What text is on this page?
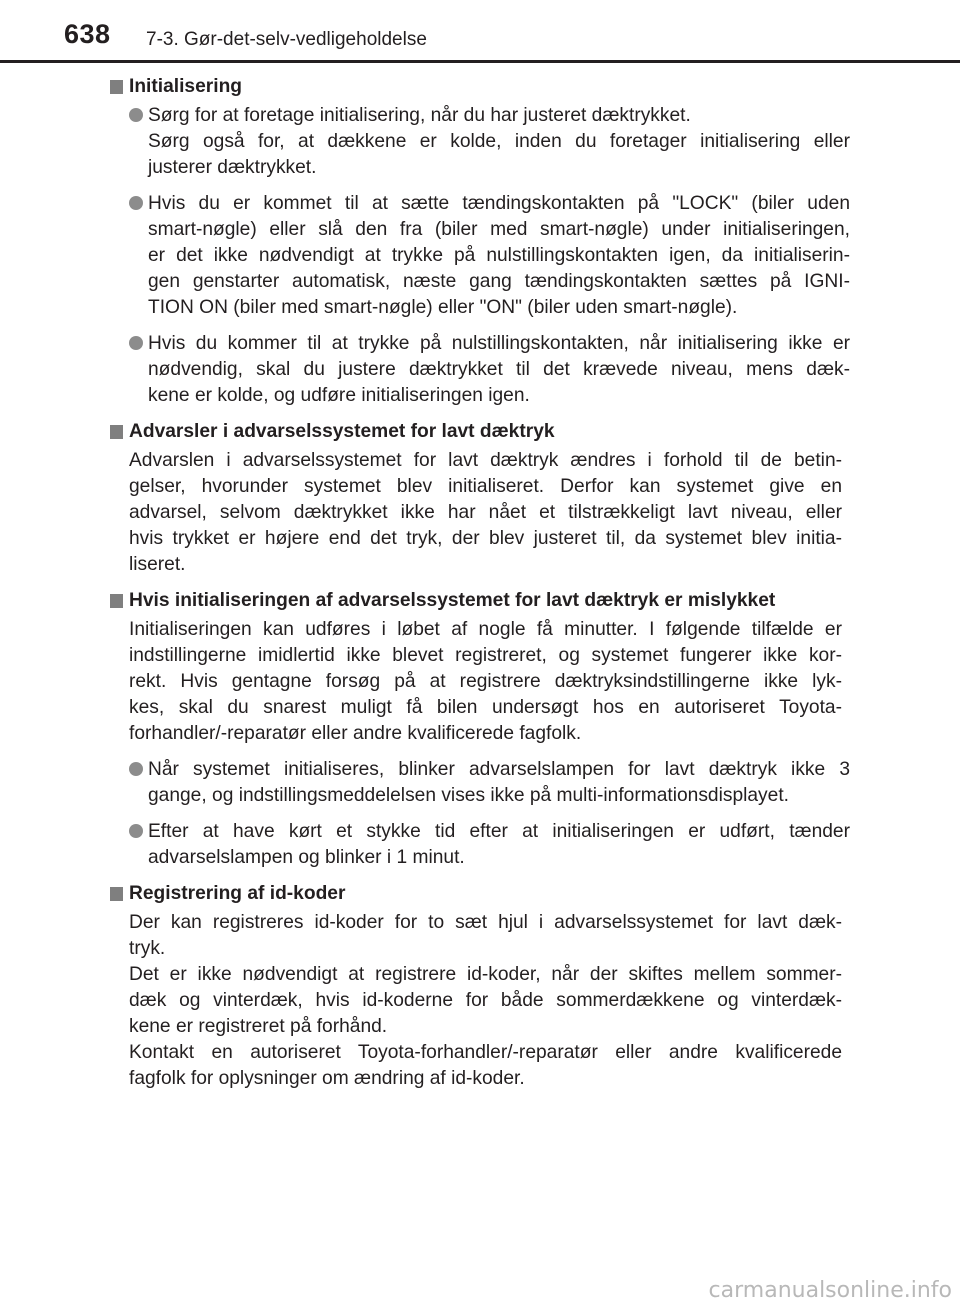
638 7-3. Gør-det-selv-vedligeholdelse
Initialisering
Sørg for at foretage initialisering, når du har justeret dæktrykket.
Sørg også for, at dækkene er kolde, inden du foretager initialisering eller
justerer dæktrykket.
Hvis du er kommet til at sætte tændingskontakten på "LOCK" (biler uden
smart-nøgle) eller slå den fra (biler med smart-nøgle) under initialiseringen,
er det ikke nødvendigt at trykke på nulstillingskontakten igen, da initialiserin-
gen genstarter automatisk, næste gang tændingskontakten sættes på IGNI-
TION ON (biler med smart-nøgle) eller "ON" (biler uden smart-nøgle).
Hvis du kommer til at trykke på nulstillingskontakten, når initialisering ikke er
nødvendig, skal du justere dæktrykket til det krævede niveau, mens dæk-
kene er kolde, og udføre initialiseringen igen.
Advarsler i advarselssystemet for lavt dæktryk
Advarslen i advarselssystemet for lavt dæktryk ændres i forhold til de betin-
gelser, hvorunder systemet blev initialiseret. Derfor kan systemet give en
advarsel, selvom dæktrykket ikke har nået et tilstrækkeligt lavt niveau, eller
hvis trykket er højere end det tryk, der blev justeret til, da systemet blev initia-
liseret.
Hvis initialiseringen af advarselssystemet for lavt dæktryk er mislykket
Initialiseringen kan udføres i løbet af nogle få minutter. I følgende tilfælde er
indstillingerne imidlertid ikke blevet registreret, og systemet fungerer ikke kor-
rekt. Hvis gentagne forsøg på at registrere dæktryksindstillingerne ikke lyk-
kes, skal du snarest muligt få bilen undersøgt hos en autoriseret Toyota-
forhandler/-reparatør eller andre kvalificerede fagfolk.
Når systemet initialiseres, blinker advarselslampen for lavt dæktryk ikke 3
gange, og indstillingsmeddelelsen vises ikke på multi-informationsdisplayet.
Efter at have kørt et stykke tid efter at initialiseringen er udført, tænder
advarselslampen og blinker i 1 minut.
Registrering af id-koder
Der kan registreres id-koder for to sæt hjul i advarselssystemet for lavt dæk-
tryk.
Det er ikke nødvendigt at registrere id-koder, når der skiftes mellem sommer-
dæk og vinterdæk, hvis id-koderne for både sommerdækkene og vinterdæk-
kene er registreret på forhånd.
Kontakt en autoriseret Toyota-forhandler/-reparatør eller andre kvalificerede
fagfolk for oplysninger om ændring af id-koder.
carmanualsonline.info
